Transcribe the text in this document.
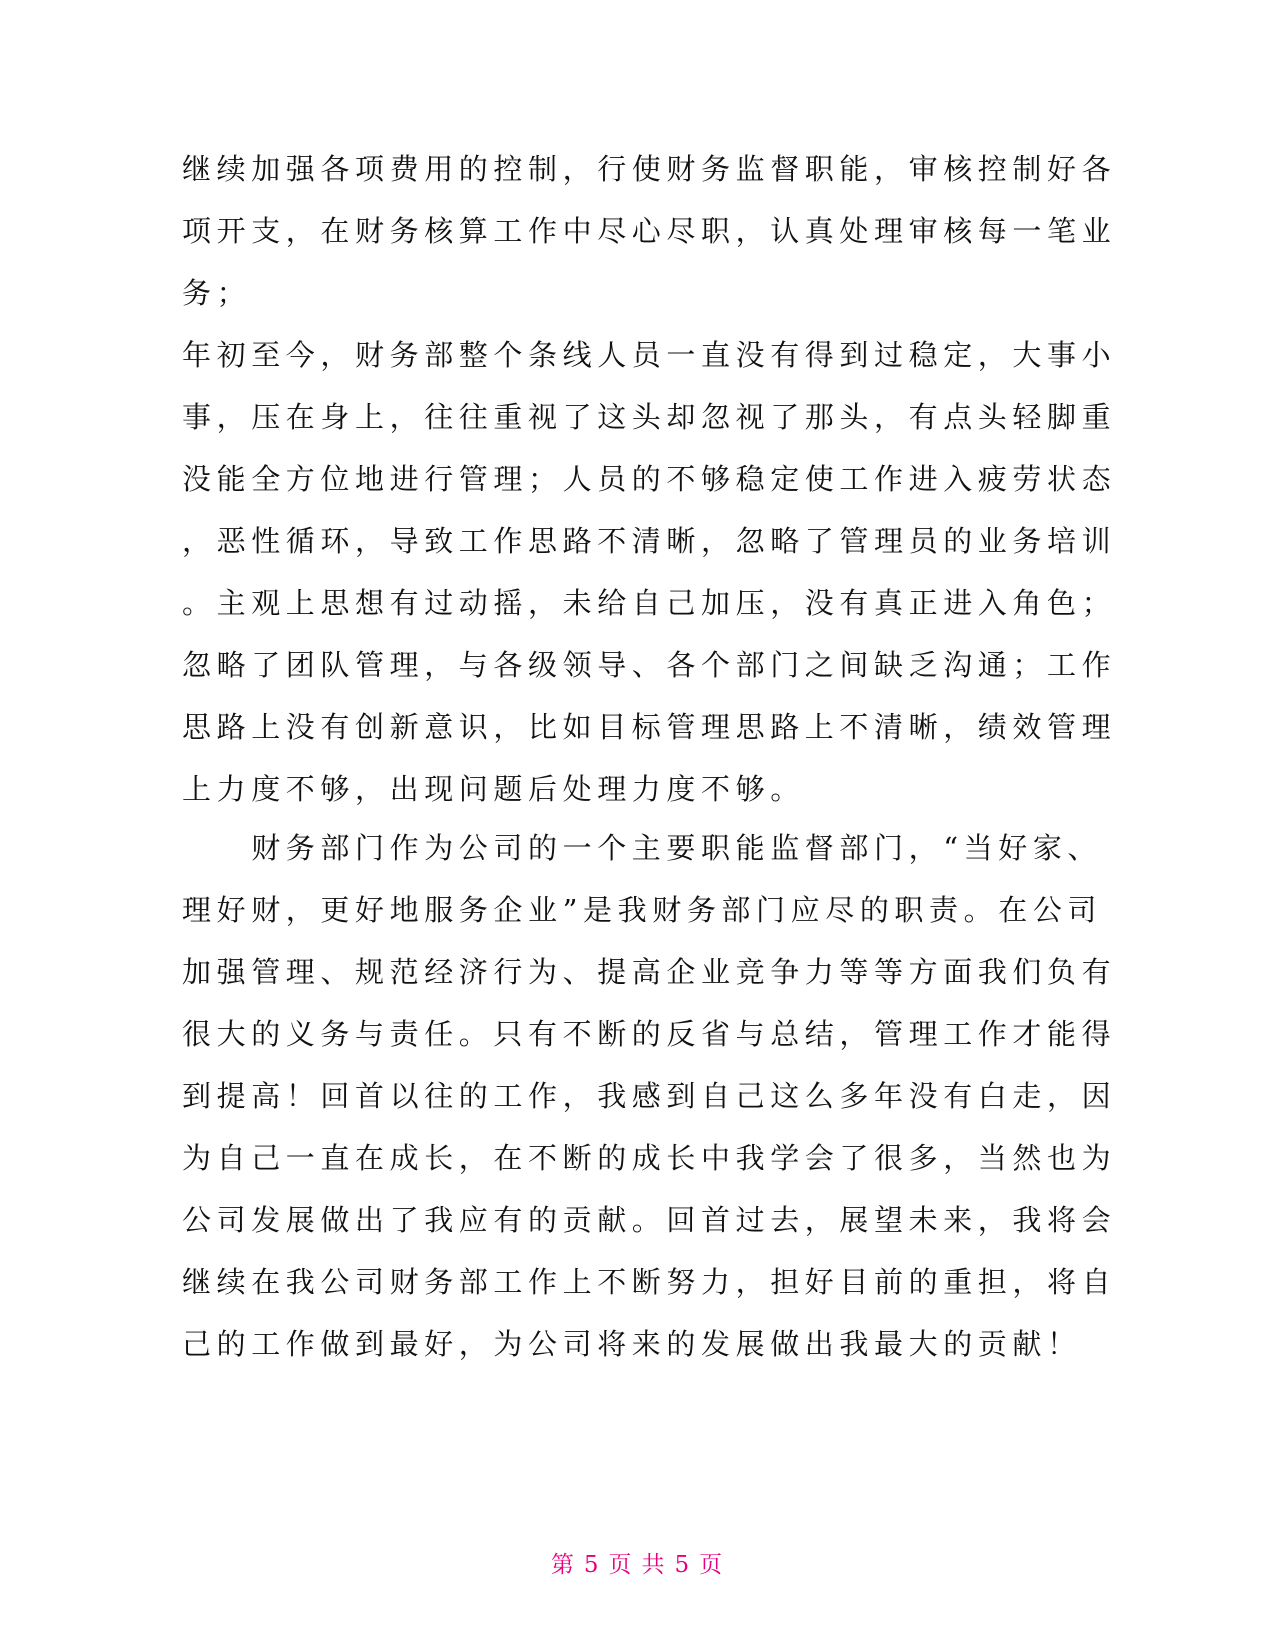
继续加强各项费用的控制，行使财务监督职能，审核控制好各
项开支，在财务核算工作中尽心尽职，认真处理审核每一笔业
务；
年初至今，财务部整个条线人员一直没有得到过稳定，大事小
事，压在身上，往往重视了这头却忽视了那头，有点头轻脚重
没能全方位地进行管理；人员的不够稳定使工作进入疲劳状态
，恶性循环，导致工作思路不清晰，忽略了管理员的业务培训
。主观上思想有过动摇，未给自己加压，没有真正进入角色；
忽略了团队管理，与各级领导、各个部门之间缺乏沟通；工作
思路上没有创新意识，比如目标管理思路上不清晰，绩效管理
上力度不够，出现问题后处理力度不够。
　　财务部门作为公司的一个主要职能监督部门，“当好家、
理好财，更好地服务企业”是我财务部门应尽的职责。在公司
加强管理、规范经济行为、提高企业竞争力等等方面我们负有
很大的义务与责任。只有不断的反省与总结，管理工作才能得
到提高！回首以往的工作，我感到自己这么多年没有白走，因
为自己一直在成长，在不断的成长中我学会了很多，当然也为
公司发展做出了我应有的贡献。回首过去，展望未来，我将会
继续在我公司财务部工作上不断努力，担好目前的重担，将自
己的工作做到最好，为公司将来的发展做出我最大的贡献！
第 5 页 共 5 页
